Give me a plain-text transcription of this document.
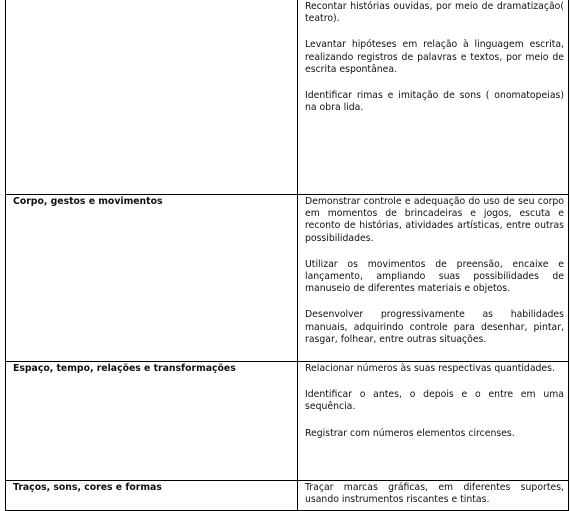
	Recontar histórias ouvidas, por meio de dramatização( teatro).

Levantar hipóteses em relação à linguagem escrita, realizando registros de palavras e textos, por meio de escrita espontânea.

Identificar rimas e imitação de sons ( onomatopeias) na obra lida.

Corpo, gestos e movimentos	Demonstrar controle e adequação do uso de seu corpo em momentos de brincadeiras e jogos, escuta e reconto de histórias, atividades artísticas, entre outras possibilidades.

Utilizar os movimentos de preensão, encaixe e lançamento, ampliando suas possibilidades de manuseio de diferentes materiais e objetos.

Desenvolver progressivamente as habilidades manuais, adquirindo controle para desenhar, pintar, rasgar, folhear, entre outras situações.

Espaço, tempo, relações e transformações	Relacionar números às suas respectivas quantidades.

Identificar o antes, o depois e o entre em uma sequência.

Registrar com números elementos circenses.

Traços, sons, cores e formas	Traçar marcas gráficas, em diferentes suportes, usando instrumentos riscantes e tintas.
